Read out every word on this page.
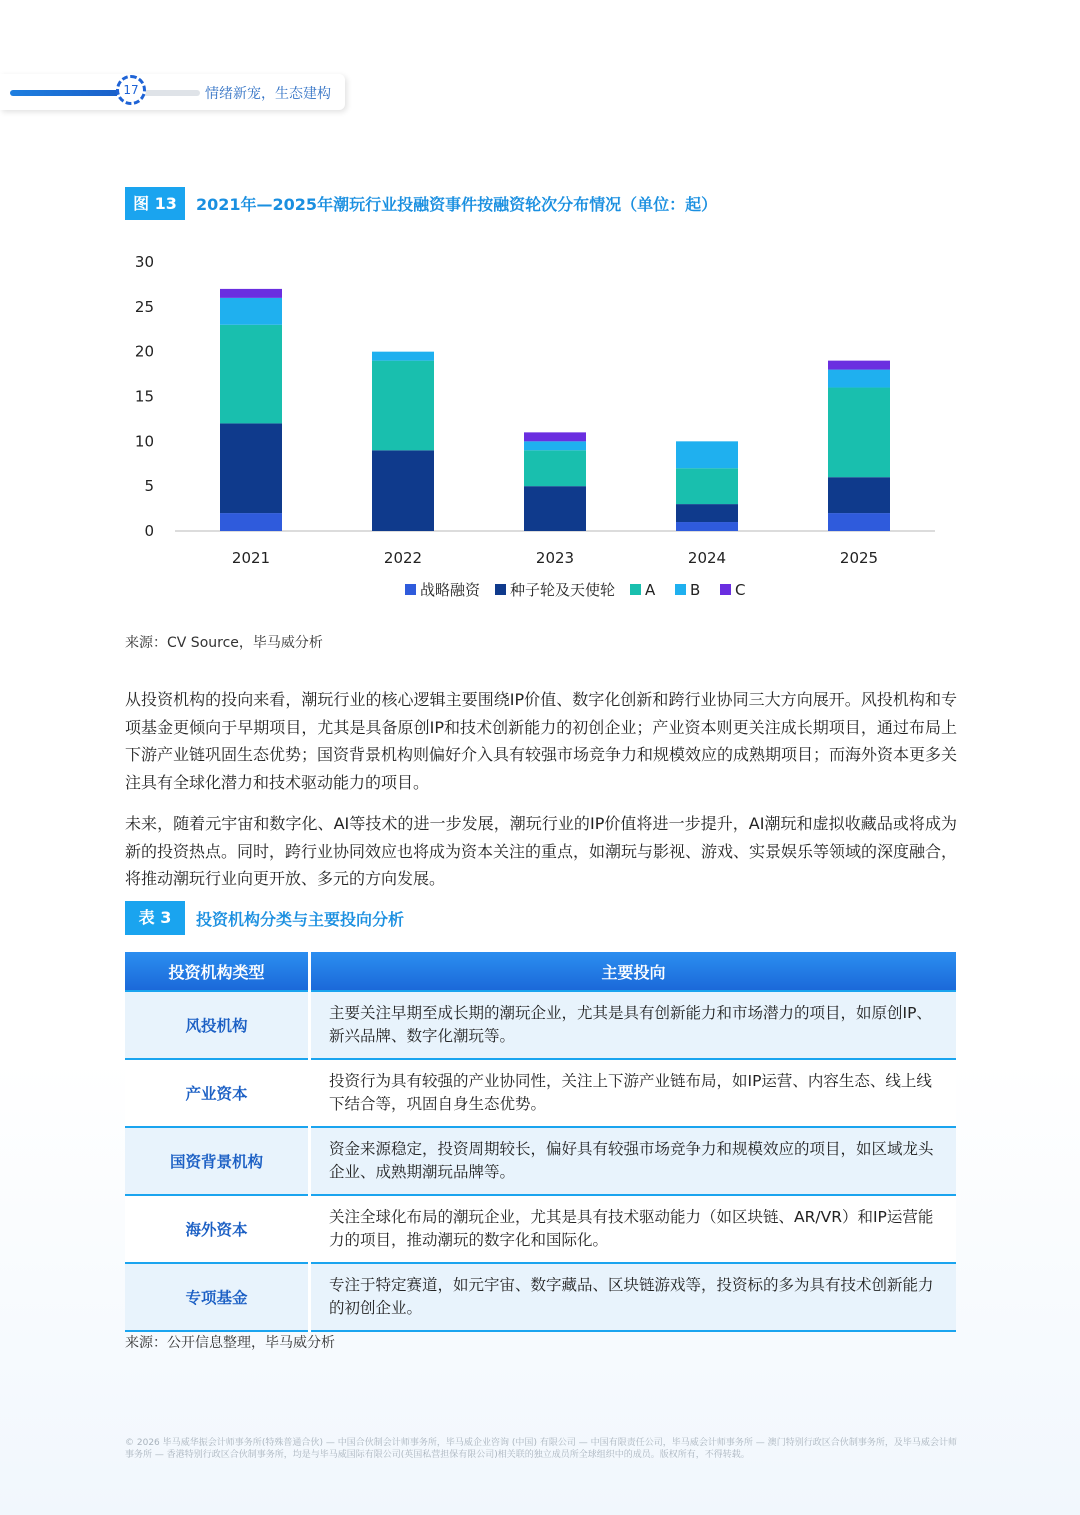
17	情绪新宠，生态建构
图 13	2021年—2025年潮玩行业投融资事件按融资轮次分布情况（单位：起）
0
5
10
15
20
25
30
2021	2022	2023	2024	2025
战略融资 种子轮及天使轮 A B C
来源：CV Source，毕马威分析
从投资机构的投向来看，潮玩行业的核心逻辑主要围绕IP价值、数字化创新和跨行业协同三大方向展开。风投机构和专项基金更倾向于早期项目，尤其是具备原创IP和技术创新能力的初创企业；产业资本则更关注成长期项目，通过布局上下游产业链巩固生态优势；国资背景机构则偏好介入具有较强市场竞争力和规模效应的成熟期项目；而海外资本更多关注具有全球化潜力和技术驱动能力的项目。
未来，随着元宇宙和数字化、AI等技术的进一步发展，潮玩行业的IP价值将进一步提升，AI潮玩和虚拟收藏品或将成为新的投资热点。同时，跨行业协同效应也将成为资本关注的重点，如潮玩与影视、游戏、实景娱乐等领域的深度融合，将推动潮玩行业向更开放、多元的方向发展。
表 3	投资机构分类与主要投向分析
投资机构类型	主要投向
风投机构	主要关注早期至成长期的潮玩企业，尤其是具有创新能力和市场潜力的项目，如原创IP、新兴品牌、数字化潮玩等。
产业资本	投资行为具有较强的产业协同性，关注上下游产业链布局，如IP运营、内容生态、线上线下结合等，巩固自身生态优势。
国资背景机构	资金来源稳定，投资周期较长，偏好具有较强市场竞争力和规模效应的项目，如区域龙头企业、成熟期潮玩品牌等。
海外资本	关注全球化布局的潮玩企业，尤其是具有技术驱动能力（如区块链、AR/VR）和IP运营能力的项目，推动潮玩的数字化和国际化。
专项基金	专注于特定赛道，如元宇宙、数字藏品、区块链游戏等，投资标的多为具有技术创新能力的初创企业。
来源：公开信息整理，毕马威分析
© 2026 毕马威华振会计师事务所(特殊普通合伙) — 中国合伙制会计师事务所，毕马威企业咨询 (中国) 有限公司 — 中国有限责任公司，毕马威会计师事务所 — 澳门特别行政区合伙制事务所，及毕马威会计师事务所 — 香港特别行政区合伙制事务所，均是与毕马威国际有限公司(英国私营担保有限公司)相关联的独立成员所全球组织中的成员。版权所有，不得转载。
